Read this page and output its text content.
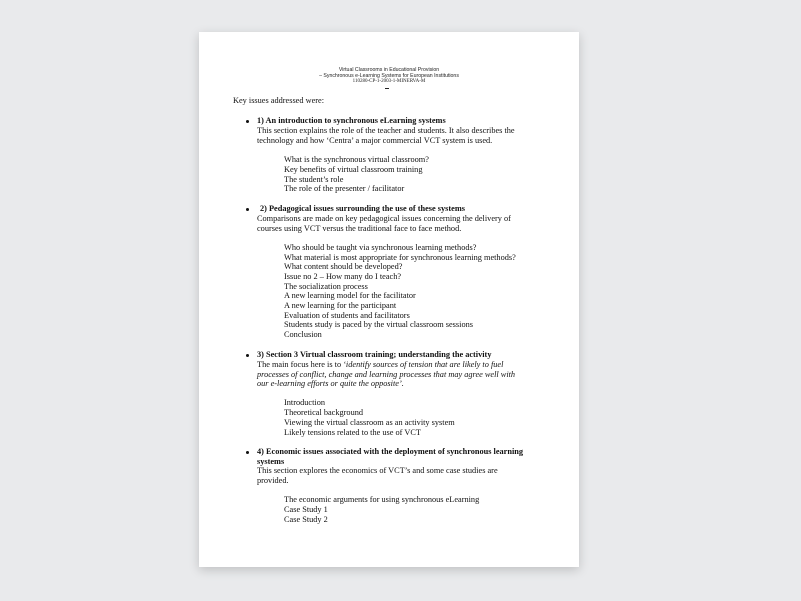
Virtual Classrooms in Educational Provision
– Synchronous e-Learning Systems for European Institutions
110280-CP-1-2003-1-MINERVA-M
Key issues addressed were:
1) An introduction to synchronous eLearning systems
This section explains the role of the teacher and students. It also describes the
technology and how ‘Centra’ a major commercial VCT system is used.
What is the synchronous virtual classroom?
Key benefits of virtual classroom training
The student’s role
The role of the presenter / facilitator
2) Pedagogical issues surrounding the use of these systems
Comparisons are made on key pedagogical issues concerning the delivery of
courses using VCT versus the traditional face to face method.
Who should be taught via synchronous learning methods?
What material is most appropriate for synchronous learning methods?
What content should be developed?
Issue no 2 – How many do I teach?
The socialization process
A new learning model for the facilitator
A new learning for the participant
Evaluation of students and facilitators
Students study is paced by the virtual classroom sessions
Conclusion
3) Section 3 Virtual classroom training; understanding the activity
The main focus here is to ‘identify sources of tension that are likely to fuel
processes of conflict, change and learning processes that may agree well with
our e-learning efforts or quite the opposite’.
Introduction
Theoretical background
Viewing the virtual classroom as an activity system
Likely tensions related to the use of VCT
4) Economic issues associated with the deployment of synchronous learning
systems
This section explores the economics of VCT’s and some case studies are
provided.
The economic arguments for using synchronous eLearning
Case Study 1
Case Study 2
